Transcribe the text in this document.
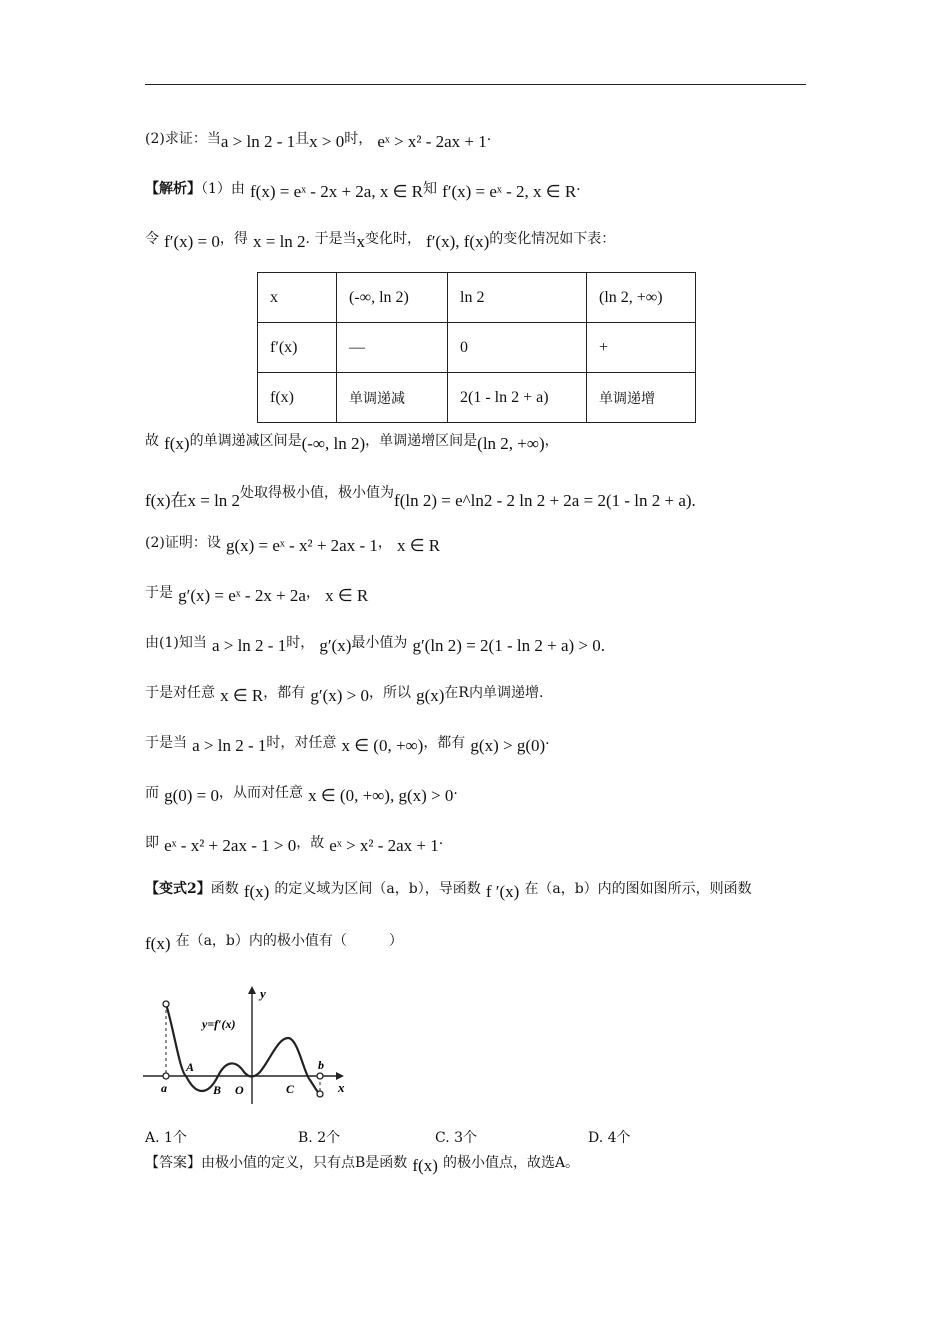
(2)求证：当a > ln 2 - 1且x > 0时， eˣ > x² - 2ax + 1.
【解析】（1）由 f(x) = eˣ - 2x + 2a, x ∈ R知 f′(x) = eˣ - 2, x ∈ R.
令 f′(x) = 0，得 x = ln 2. 于是当x变化时， f′(x), f(x)的变化情况如下表：
x	(-∞, ln 2)	ln 2	(ln 2, +∞)
f′(x)	—	0	+
f(x)	单调递减	2(1 - ln 2 + a)	单调递增
故 f(x)的单调递减区间是(-∞, ln 2)，单调递增区间是(ln 2, +∞)，
f(x)在x = ln 2处取得极小值，极小值为f(ln 2) = e^ln2 - 2 ln 2 + 2a = 2(1 - ln 2 + a).
(2)证明：设 g(x) = eˣ - x² + 2ax - 1， x ∈ R
于是 g′(x) = eˣ - 2x + 2a， x ∈ R
由(1)知当 a > ln 2 - 1时， g′(x)最小值为 g′(ln 2) = 2(1 - ln 2 + a) > 0.
于是对任意 x ∈ R，都有 g′(x) > 0，所以 g(x)在R内单调递增.
于是当 a > ln 2 - 1时，对任意 x ∈ (0, +∞)，都有 g(x) > g(0).
而 g(0) = 0，从而对任意 x ∈ (0, +∞), g(x) > 0.
即 eˣ - x² + 2ax - 1 > 0，故 eˣ > x² - 2ax + 1.
【变式2】函数 f(x) 的定义域为区间（a，b），导函数 f ′(x) 在（a，b）内的图如图所示，则函数
f(x) 在（a，b）内的极小值有（　　　）
y
x
y=f′(x)
A
B O	C
a
b
A. 1个	B. 2个	C. 3个	D. 4个
【答案】由极小值的定义，只有点B是函数 f(x) 的极小值点，故选A。
